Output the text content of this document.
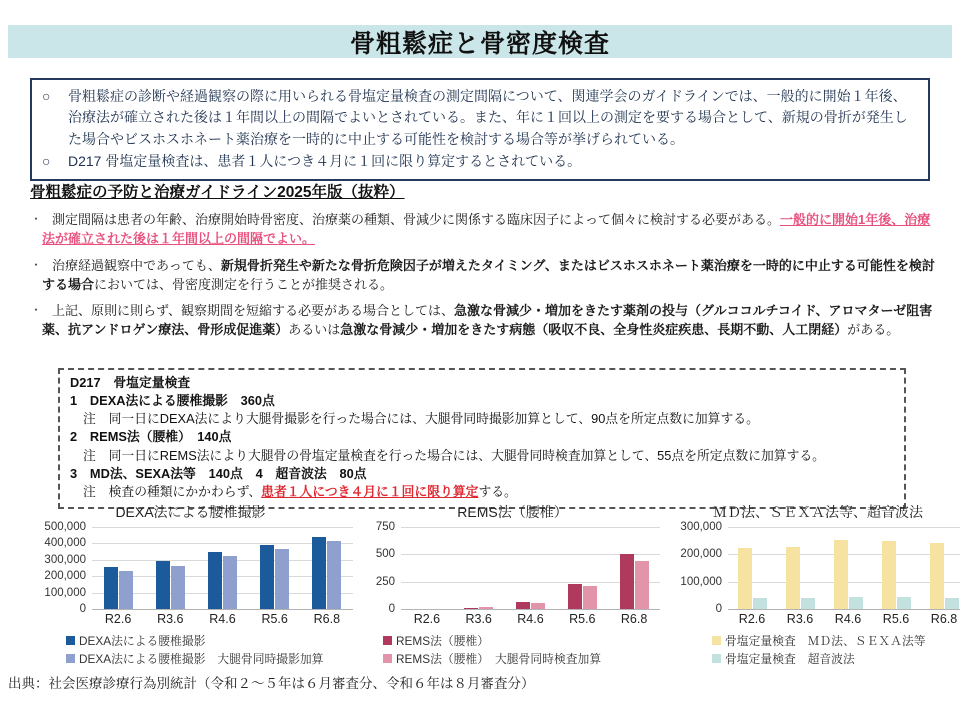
骨粗鬆症と骨密度検査
○	骨粗鬆症の診断や経過観察の際に用いられる骨塩定量検査の測定間隔について、関連学会のガイドラインでは、一般的に開始１年後、治療法が確立された後は１年間以上の間隔でよいとされている。また、年に１回以上の測定を要する場合として、新規の骨折が発生した場合やビスホスホネート薬治療を一時的に中止する可能性を検討する場合等が挙げられている。
○	D217 骨塩定量検査は、患者１人につき４月に１回に限り算定するとされている。
骨粗鬆症の予防と治療ガイドライン2025年版（抜粋）
・ 測定間隔は患者の年齢、治療開始時骨密度、治療薬の種類、骨減少に関係する臨床因子によって個々に検討する必要がある。一般的に開始1年後、治療法が確立された後は１年間以上の間隔でよい。

・ 治療経過観察中であっても、新規骨折発生や新たな骨折危険因子が増えたタイミング、またはビスホスホネート薬治療を一時的に中止する可能性を検討する場合においては、骨密度測定を行うことが推奨される。

・ 上記、原則に則らず、観察期間を短縮する必要がある場合としては、急激な骨減少・増加をきたす薬剤の投与（グルココルチコイド、アロマターゼ阻害薬、抗アンドロゲン療法、骨形成促進薬）あるいは急激な骨減少・増加をきたす病態（吸収不良、全身性炎症疾患、長期不動、人工閉経）がある。

D217　骨塩定量検査

1　DEXA法による腰椎撮影　360点

注　同一日にDEXA法により大腿骨撮影を行った場合には、大腿骨同時撮影加算として、90点を所定点数に加算する。

2　REMS法（腰椎）　140点

注　同一日にREMS法により大腿骨の骨塩定量検査を行った場合には、大腿骨同時検査加算として、55点を所定点数に加算する。

3　MD法、SEXA法等　140点　4　超音波法　80点

注　検査の種類にかかわらず、患者１人につき４月に１回に限り算定する。

DEXA法による腰椎撮影
500,000
400,000
300,000
200,000
100,000
0
R2.6	R3.6	R4.6	R5.6	R6.8
DEXA法による腰椎撮影
DEXA法による腰椎撮影　大腿骨同時撮影加算
REMS法（腰椎）
750
500
250
0
R2.6	R3.6	R4.6	R5.6	R6.8
REMS法（腰椎）
REMS法（腰椎）　大腿骨同時検査加算
ＭＤ法、ＳＥＸＡ法等、超音波法
300,000
200,000
100,000
0
R2.6	R3.6	R4.6	R5.6	R6.8
骨塩定量検査　ＭＤ法、ＳＥＸＡ法等
骨塩定量検査　超音波法
出典：社会医療診療行為別統計（令和２～５年は６月審査分、令和６年は８月審査分）
